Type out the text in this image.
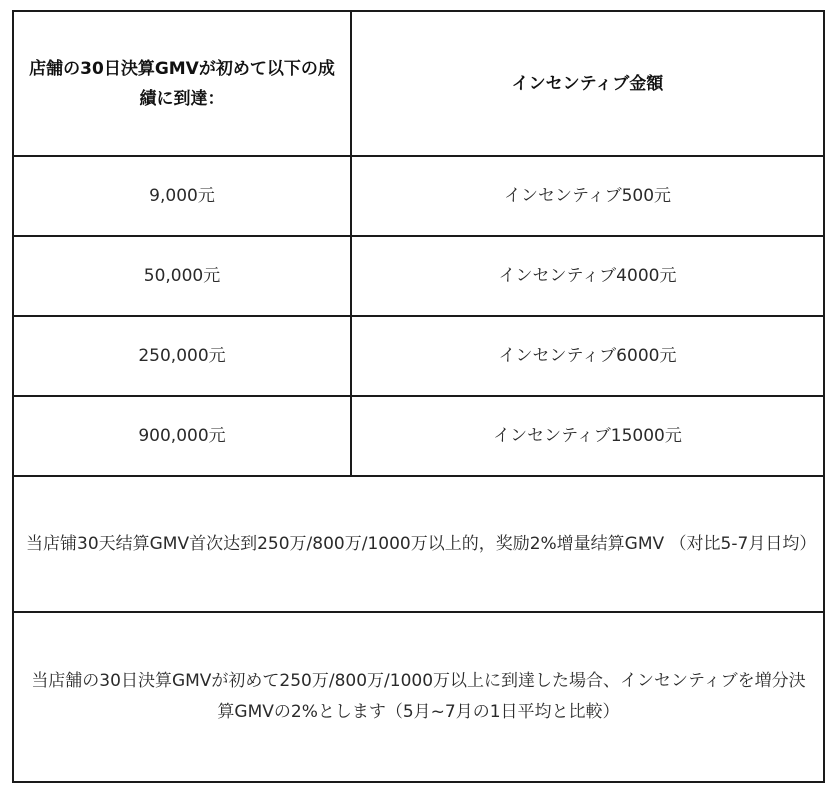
店舗の30日決算GMVが初めて以下の成績に到達：	インセンティブ金額
9,000元	インセンティブ500元
50,000元	インセンティブ4000元
250,000元	インセンティブ6000元
900,000元	インセンティブ15000元
当店铺30天结算GMV首次达到250万/800万/1000万以上的，奖励2%增量结算GMV （对比5-7月日均）	
当店舗の30日決算GMVが初めて250万/800万/1000万以上に到達した場合、インセンティブを増分決算GMVの2%とします（5月~7月の1日平均と比較）	
